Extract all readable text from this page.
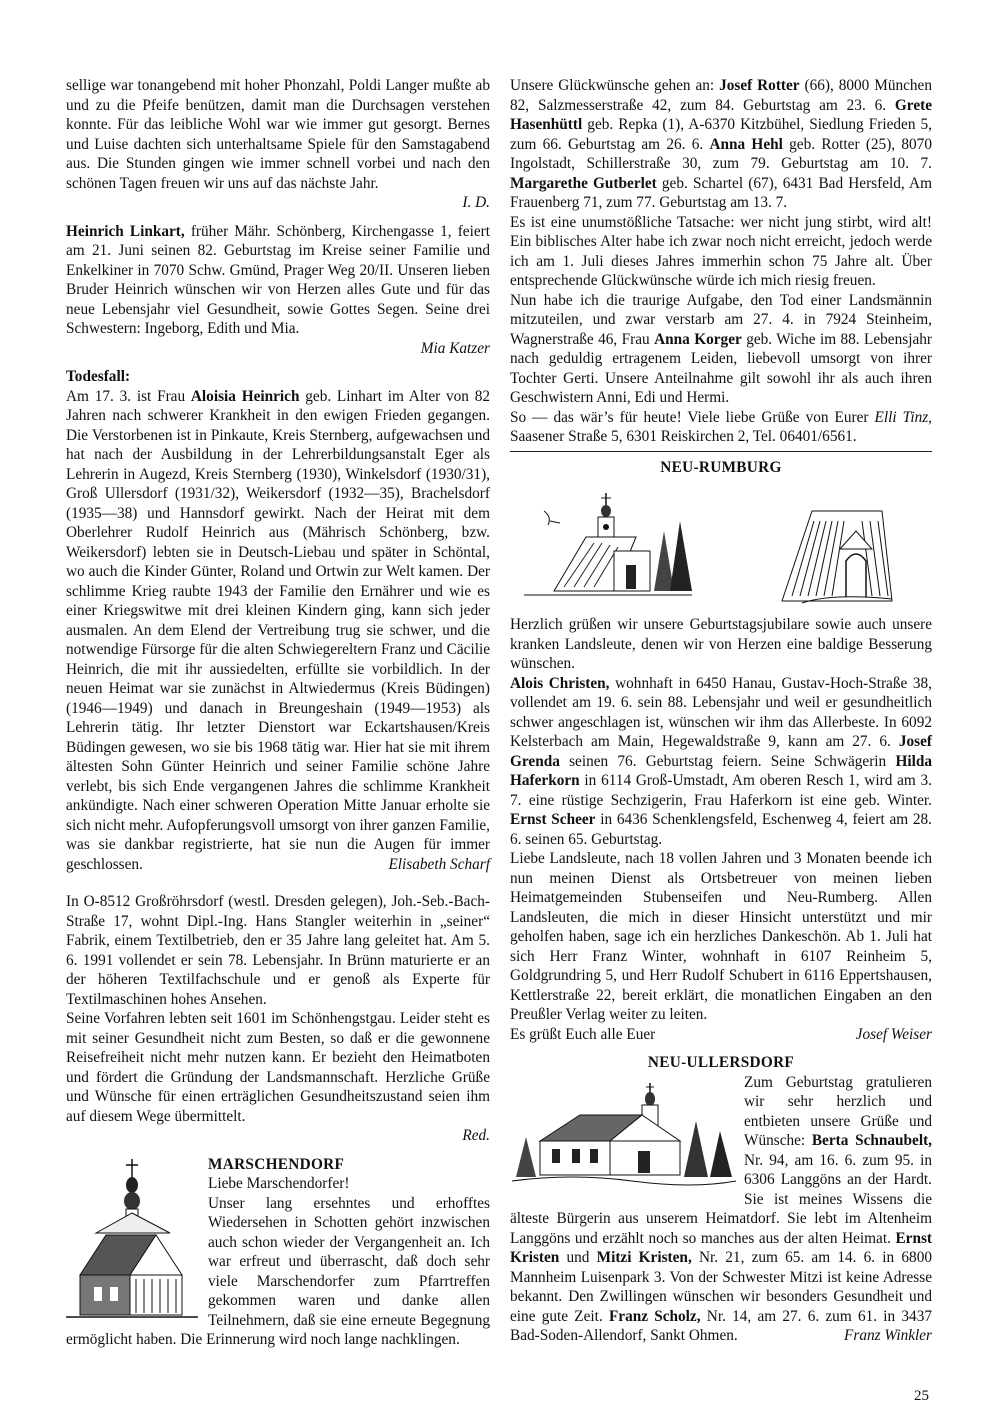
sellige war tonangebend mit hoher Phonzahl, Poldi Langer mußte ab und zu die Pfeife benützen, damit man die Durchsagen verstehen konnte. Für das leibliche Wohl war wie immer gut gesorgt. Bernes und Luise dachten sich unterhaltsame Spiele für den Samstagabend aus. Die Stunden gingen wie immer schnell vorbei und nach den schönen Tagen freuen wir uns auf das nächste Jahr.

I. D.

Heinrich Linkart, früher Mähr. Schönberg, Kirchengasse 1, feiert am 21. Juni seinen 82. Geburtstag im Kreise seiner Familie und Enkelkiner in 7070 Schw. Gmünd, Prager Weg 20/II. Unseren lieben Bruder Heinrich wünschen wir von Herzen alles Gute und für das neue Lebensjahr viel Gesundheit, sowie Gottes Segen. Seine drei Schwestern: Ingeborg, Edith und Mia.

Mia Katzer

Todesfall:

Am 17. 3. ist Frau Aloisia Heinrich geb. Linhart im Alter von 82 Jahren nach schwerer Krankheit in den ewigen Frieden gegangen. Die Verstorbenen ist in Pinkaute, Kreis Sternberg, aufgewachsen und hat nach der Ausbildung in der Lehrerbildungsanstalt Eger als Lehrerin in Augezd, Kreis Sternberg (1930), Winkelsdorf (1930/31), Groß Ullersdorf (1931/32), Weikersdorf (1932—35), Brachelsdorf (1935—38) und Hannsdorf gewirkt. Nach der Heirat mit dem Oberlehrer Rudolf Heinrich aus (Mährisch Schönberg, bzw. Weikersdorf) lebten sie in Deutsch-Liebau und später in Schöntal, wo auch die Kinder Günter, Roland und Ortwin zur Welt kamen. Der schlimme Krieg raubte 1943 der Familie den Ernährer und wie es einer Kriegswitwe mit drei kleinen Kindern ging, kann sich jeder ausmalen. An dem Elend der Vertreibung trug sie schwer, und die notwendige Fürsorge für die alten Schwiegereltern Franz und Cäcilie Heinrich, die mit ihr aussiedelten, erfüllte sie vorbildlich. In der neuen Heimat war sie zunächst in Altwiedermus (Kreis Büdingen) (1946—1949) und danach in Breungeshain (1949—1953) als Lehrerin tätig. Ihr letzter Dienstort war Eckartshausen/Kreis Büdingen gewesen, wo sie bis 1968 tätig war. Hier hat sie mit ihrem ältesten Sohn Günter Heinrich und seiner Familie schöne Jahre verlebt, bis sich Ende vergangenen Jahres die schlimme Krankheit ankündigte. Nach einer schweren Operation Mitte Januar erholte sie sich nicht mehr. Aufopferungsvoll umsorgt von ihrer ganzen Familie, was sie dankbar registrierte, hat sie nun die Augen für immer geschlossen.	Elisabeth Scharf

In O-8512 Großröhrsdorf (westl. Dresden gelegen), Joh.-Seb.-Bach-Straße 17, wohnt Dipl.-Ing. Hans Stangler weiterhin in „seiner“ Fabrik, einem Textilbetrieb, den er 35 Jahre lang geleitet hat. Am 5. 6. 1991 vollendet er sein 78. Lebensjahr. In Brünn maturierte er an der höheren Textilfachschule und er genoß als Experte für Textilmaschinen hohes Ansehen.

Seine Vorfahren lebten seit 1601 im Schönhengstgau. Leider steht es mit seiner Gesundheit nicht zum Besten, so daß er die gewonnene Reisefreiheit nicht mehr nutzen kann. Er bezieht den Heimatboten und fördert die Gründung der Landsmannschaft. Herzliche Grüße und Wünsche für einen erträglichen Gesundheitszustand seien ihm auf diesem Wege übermittelt.

Red.

MARSCHENDORF

Liebe Marschendorfer!

Unser lang ersehntes und erhofftes Wiedersehen in Schotten gehört inzwischen auch schon wieder der Vergangenheit an. Ich war erfreut und überrascht, daß doch sehr viele Marschendorfer zum Pfarrtreffen gekommen waren und danke allen Teilnehmern, daß sie eine erneute Begegnung ermöglicht haben. Die Erinnerung wird noch lange nachklingen.

Unsere Glückwünsche gehen an: Josef Rotter (66), 8000 München 82, Salzmesserstraße 42, zum 84. Geburtstag am 23. 6. Grete Hasenhüttl geb. Repka (1), A-6370 Kitzbühel, Siedlung Frieden 5, zum 66. Geburtstag am 26. 6. Anna Hehl geb. Rotter (25), 8070 Ingolstadt, Schillerstraße 30, zum 79. Geburtstag am 10. 7. Margarethe Gutberlet geb. Schartel (67), 6431 Bad Hersfeld, Am Frauenberg 71, zum 77. Geburtstag am 13. 7.

Es ist eine unumstößliche Tatsache: wer nicht jung stirbt, wird alt! Ein biblisches Alter habe ich zwar noch nicht erreicht, jedoch werde ich am 1. Juli dieses Jahres immerhin schon 75 Jahre alt. Über entsprechende Glückwünsche würde ich mich riesig freuen.

Nun habe ich die traurige Aufgabe, den Tod einer Landsmännin mitzuteilen, und zwar verstarb am 27. 4. in 7924 Steinheim, Wagnerstraße 46, Frau Anna Korger geb. Wiche im 88. Lebensjahr nach geduldig ertragenem Leiden, liebevoll umsorgt von ihrer Tochter Gerti. Unsere Anteilnahme gilt sowohl ihr als auch ihren Geschwistern Anni, Edi und Hermi.

So — das wär’s für heute! Viele liebe Grüße von Eurer Elli Tinz, Saasener Straße 5, 6301 Reiskirchen 2, Tel. 06401/6561.

NEU-RUMBURG

Herzlich grüßen wir unsere Geburtstagsjubilare sowie auch unsere kranken Landsleute, denen wir von Herzen eine baldige Besserung wünschen.

Alois Christen, wohnhaft in 6450 Hanau, Gustav-Hoch-Straße 38, vollendet am 19. 6. sein 88. Lebensjahr und weil er gesundheitlich schwer angeschlagen ist, wünschen wir ihm das Allerbeste. In 6092 Kelsterbach am Main, Hegewaldstraße 9, kann am 27. 6. Josef Grenda seinen 76. Geburtstag feiern. Seine Schwägerin Hilda Haferkorn in 6114 Groß-Umstadt, Am oberen Resch 1, wird am 3. 7. eine rüstige Sechzigerin, Frau Haferkorn ist eine geb. Winter. Ernst Scheer in 6436 Schenklengsfeld, Eschenweg 4, feiert am 28. 6. seinen 65. Geburtstag.

Liebe Landsleute, nach 18 vollen Jahren und 3 Monaten beende ich nun meinen Dienst als Ortsbetreuer von meinen lieben Heimatgemeinden Stubenseifen und Neu-Rumberg. Allen Landsleuten, die mich in dieser Hinsicht unterstützt und mir geholfen haben, sage ich ein herzliches Dankeschön. Ab 1. Juli hat sich Herr Franz Winter, wohnhaft in 6107 Reinheim 5, Goldgrundring 5, und Herr Rudolf Schubert in 6116 Eppertshausen, Kettlerstraße 22, bereit erklärt, die monatlichen Eingaben an den Preußler Verlag weiter zu leiten.

Es grüßt Euch alle Euer	Josef Weiser

NEU-ULLERSDORF

Zum Geburtstag gratulieren wir sehr herzlich und entbieten unsere Grüße und Wünsche: Berta Schnaubelt, Nr. 94, am 16. 6. zum 95. in 6306 Langgöns an der Hardt. Sie ist meines Wissens die älteste Bürgerin aus unserem Heimatdorf. Sie lebt im Altenheim Langgöns und erzählt noch so manches aus der alten Heimat. Ernst Kristen und Mitzi Kristen, Nr. 21, zum 65. am 14. 6. in 6800 Mannheim Luisenpark 3. Von der Schwester Mitzi ist keine Adresse bekannt. Den Zwillingen wünschen wir besonders Gesundheit und eine gute Zeit. Franz Scholz, Nr. 14, am 27. 6. zum 61. in 3437 Bad-Soden-Allendorf, Sankt Ohmen.	Franz Winkler

25
